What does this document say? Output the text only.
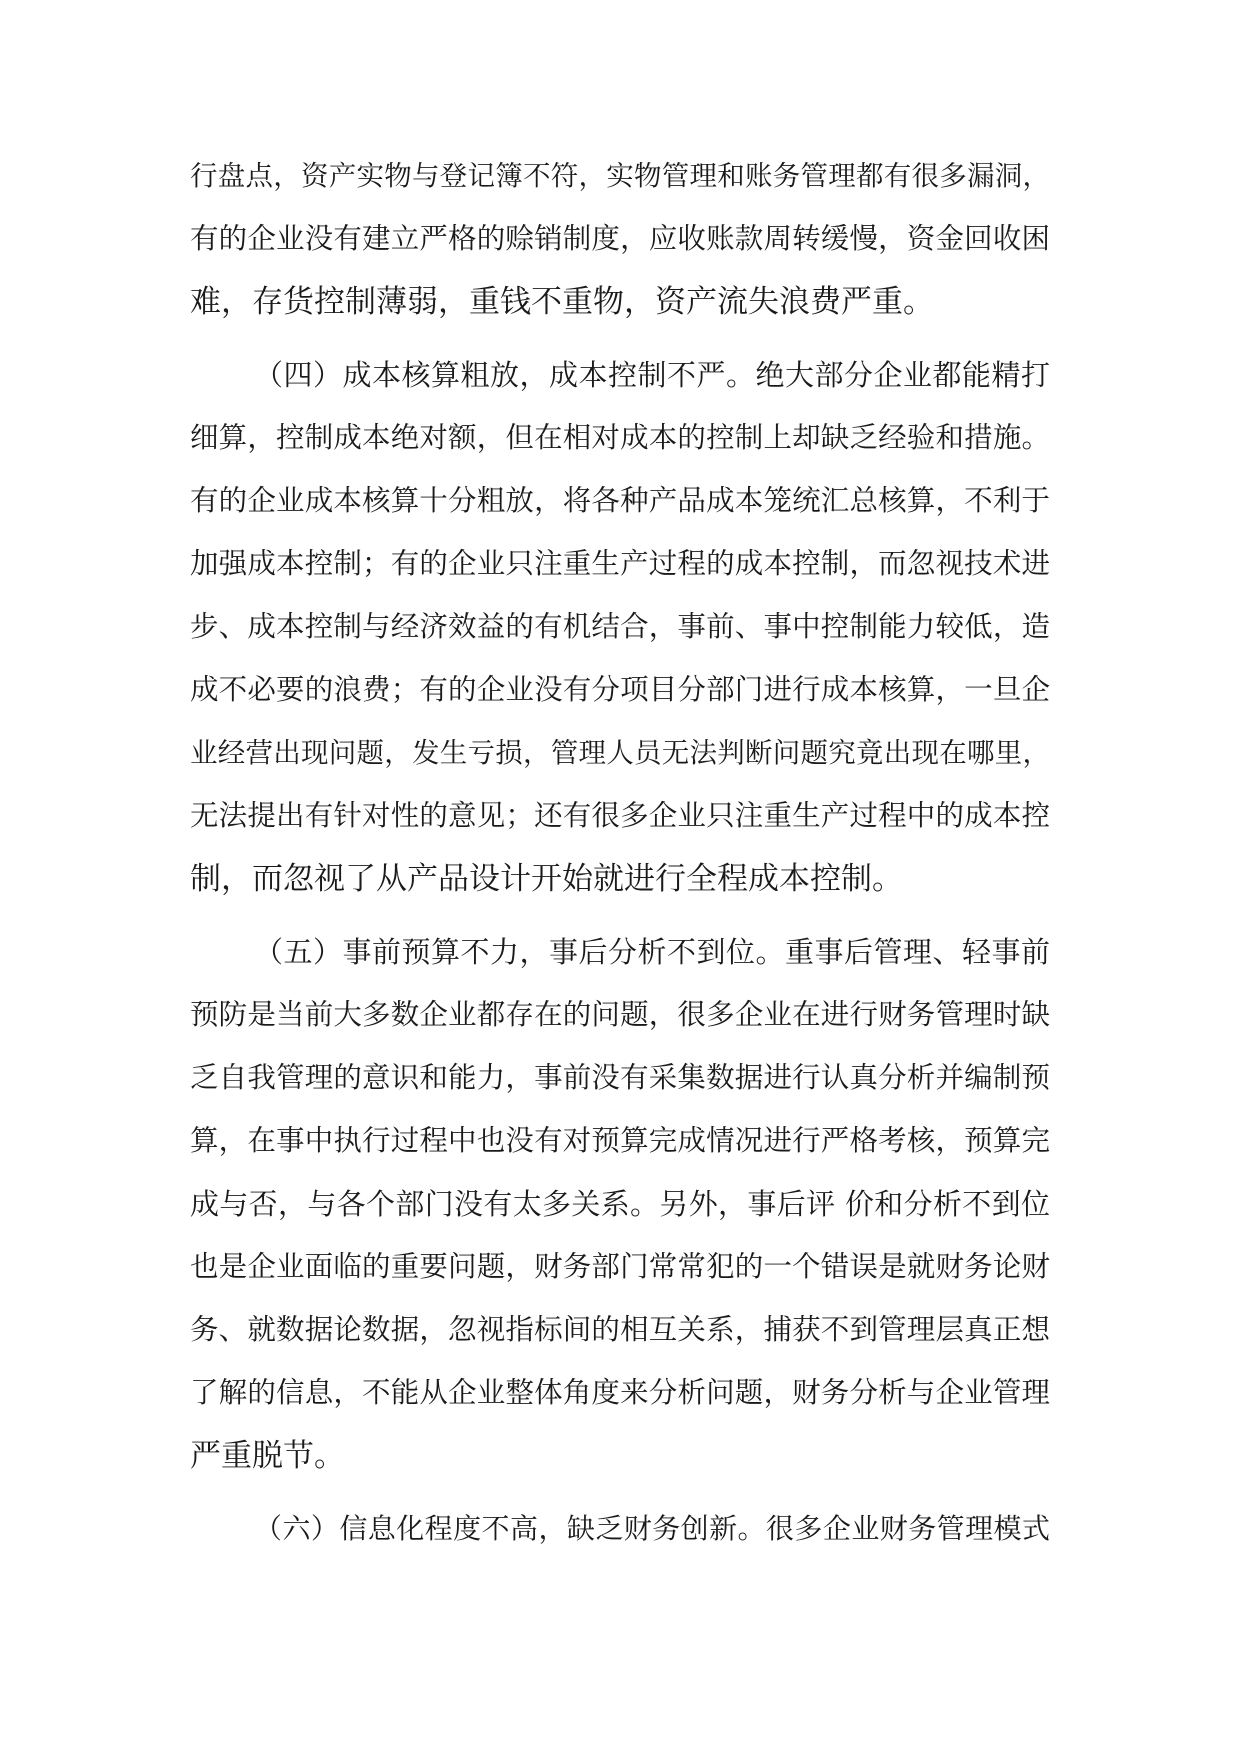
行盘点，资产实物与登记簿不符，实物管理和账务管理都有很多漏洞，
有的企业没有建立严格的赊销制度，应收账款周转缓慢，资金回收困
难，存货控制薄弱，重钱不重物，资产流失浪费严重。
（四）成本核算粗放，成本控制不严。绝大部分企业都能精打
细算，控制成本绝对额，但在相对成本的控制上却缺乏经验和措施。
有的企业成本核算十分粗放，将各种产品成本笼统汇总核算，不利于
加强成本控制；有的企业只注重生产过程的成本控制，而忽视技术进
步、成本控制与经济效益的有机结合，事前、事中控制能力较低，造
成不必要的浪费；有的企业没有分项目分部门进行成本核算，一旦企
业经营出现问题，发生亏损，管理人员无法判断问题究竟出现在哪里，
无法提出有针对性的意见；还有很多企业只注重生产过程中的成本控
制，而忽视了从产品设计开始就进行全程成本控制。
（五）事前预算不力，事后分析不到位。重事后管理、轻事前
预防是当前大多数企业都存在的问题，很多企业在进行财务管理时缺
乏自我管理的意识和能力，事前没有采集数据进行认真分析并编制预
算，在事中执行过程中也没有对预算完成情况进行严格考核，预算完
成与否，与各个部门没有太多关系。另外，事后评 价和分析不到位
也是企业面临的重要问题，财务部门常常犯的一个错误是就财务论财
务、就数据论数据，忽视指标间的相互关系，捕获不到管理层真正想
了解的信息，不能从企业整体角度来分析问题，财务分析与企业管理
严重脱节。
（六）信息化程度不高，缺乏财务创新。很多企业财务管理模式
